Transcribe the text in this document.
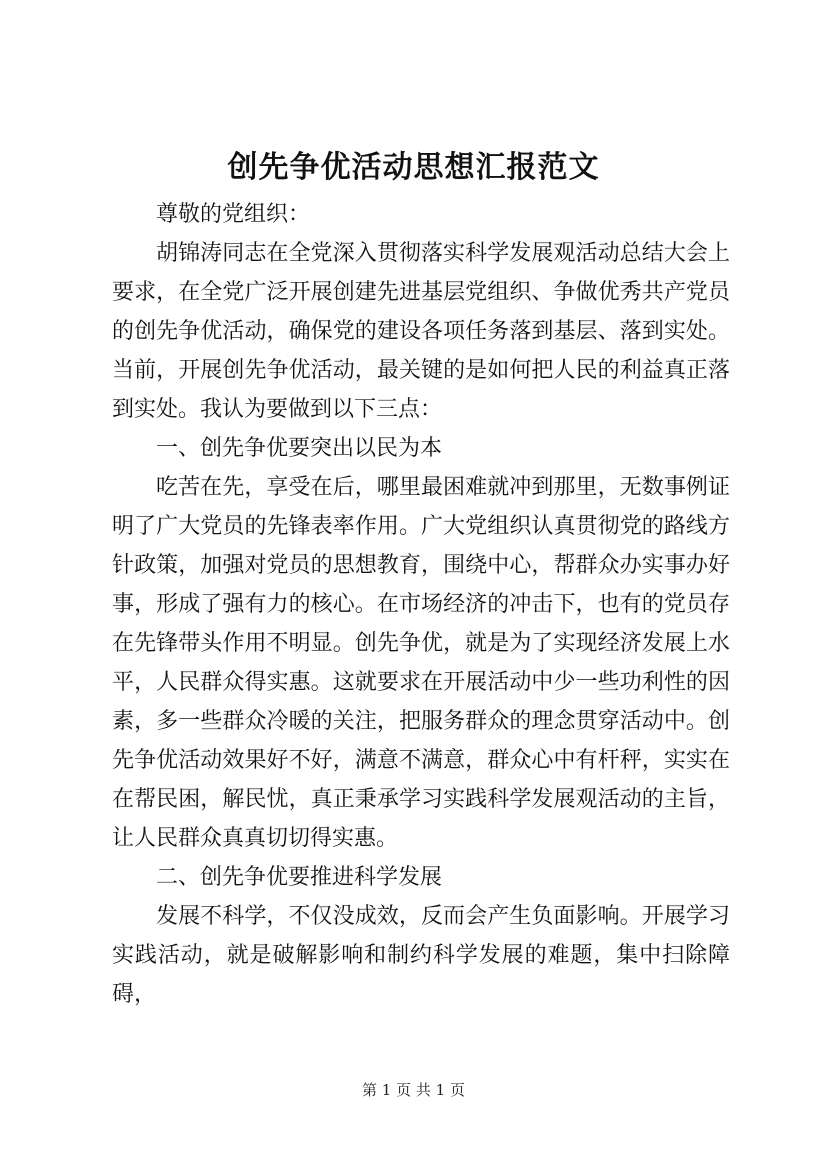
创先争优活动思想汇报范文

尊敬的党组织：

胡锦涛同志在全党深入贯彻落实科学发展观活动总结大会上要求，在全党广泛开展创建先进基层党组织、争做优秀共产党员的创先争优活动，确保党的建设各项任务落到基层、落到实处。当前，开展创先争优活动，最关键的是如何把人民的利益真正落到实处。我认为要做到以下三点：

一、创先争优要突出以民为本

吃苦在先，享受在后，哪里最困难就冲到那里，无数事例证明了广大党员的先锋表率作用。广大党组织认真贯彻党的路线方针政策，加强对党员的思想教育，围绕中心，帮群众办实事办好事，形成了强有力的核心。在市场经济的冲击下，也有的党员存在先锋带头作用不明显。创先争优，就是为了实现经济发展上水平，人民群众得实惠。这就要求在开展活动中少一些功利性的因素，多一些群众冷暖的关注，把服务群众的理念贯穿活动中。创先争优活动效果好不好，满意不满意，群众心中有杆秤，实实在在帮民困，解民忧，真正秉承学习实践科学发展观活动的主旨，让人民群众真真切切得实惠。

二、创先争优要推进科学发展

发展不科学，不仅没成效，反而会产生负面影响。开展学习实践活动，就是破解影响和制约科学发展的难题，集中扫除障碍，

第 1 页 共 1 页
